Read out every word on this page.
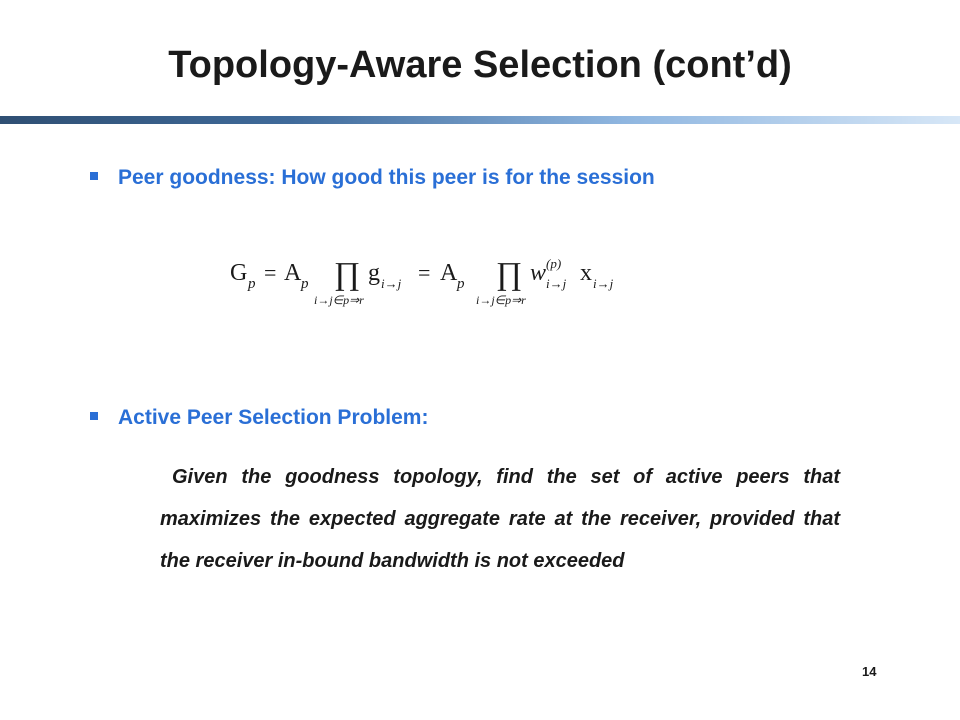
Topology-Aware Selection (cont’d)
Peer goodness: How good this peer is for the session
G p = A p ∏
i→j∈p⇒r
g i→j = A p ∏
i→j∈p⇒r
w (p)
i→j x i→j
Active Peer Selection Problem:

Given the goodness topology, find the set of active peers that maximizes the expected aggregate rate at the receiver, provided that the receiver in-bound bandwidth is not exceeded

14
